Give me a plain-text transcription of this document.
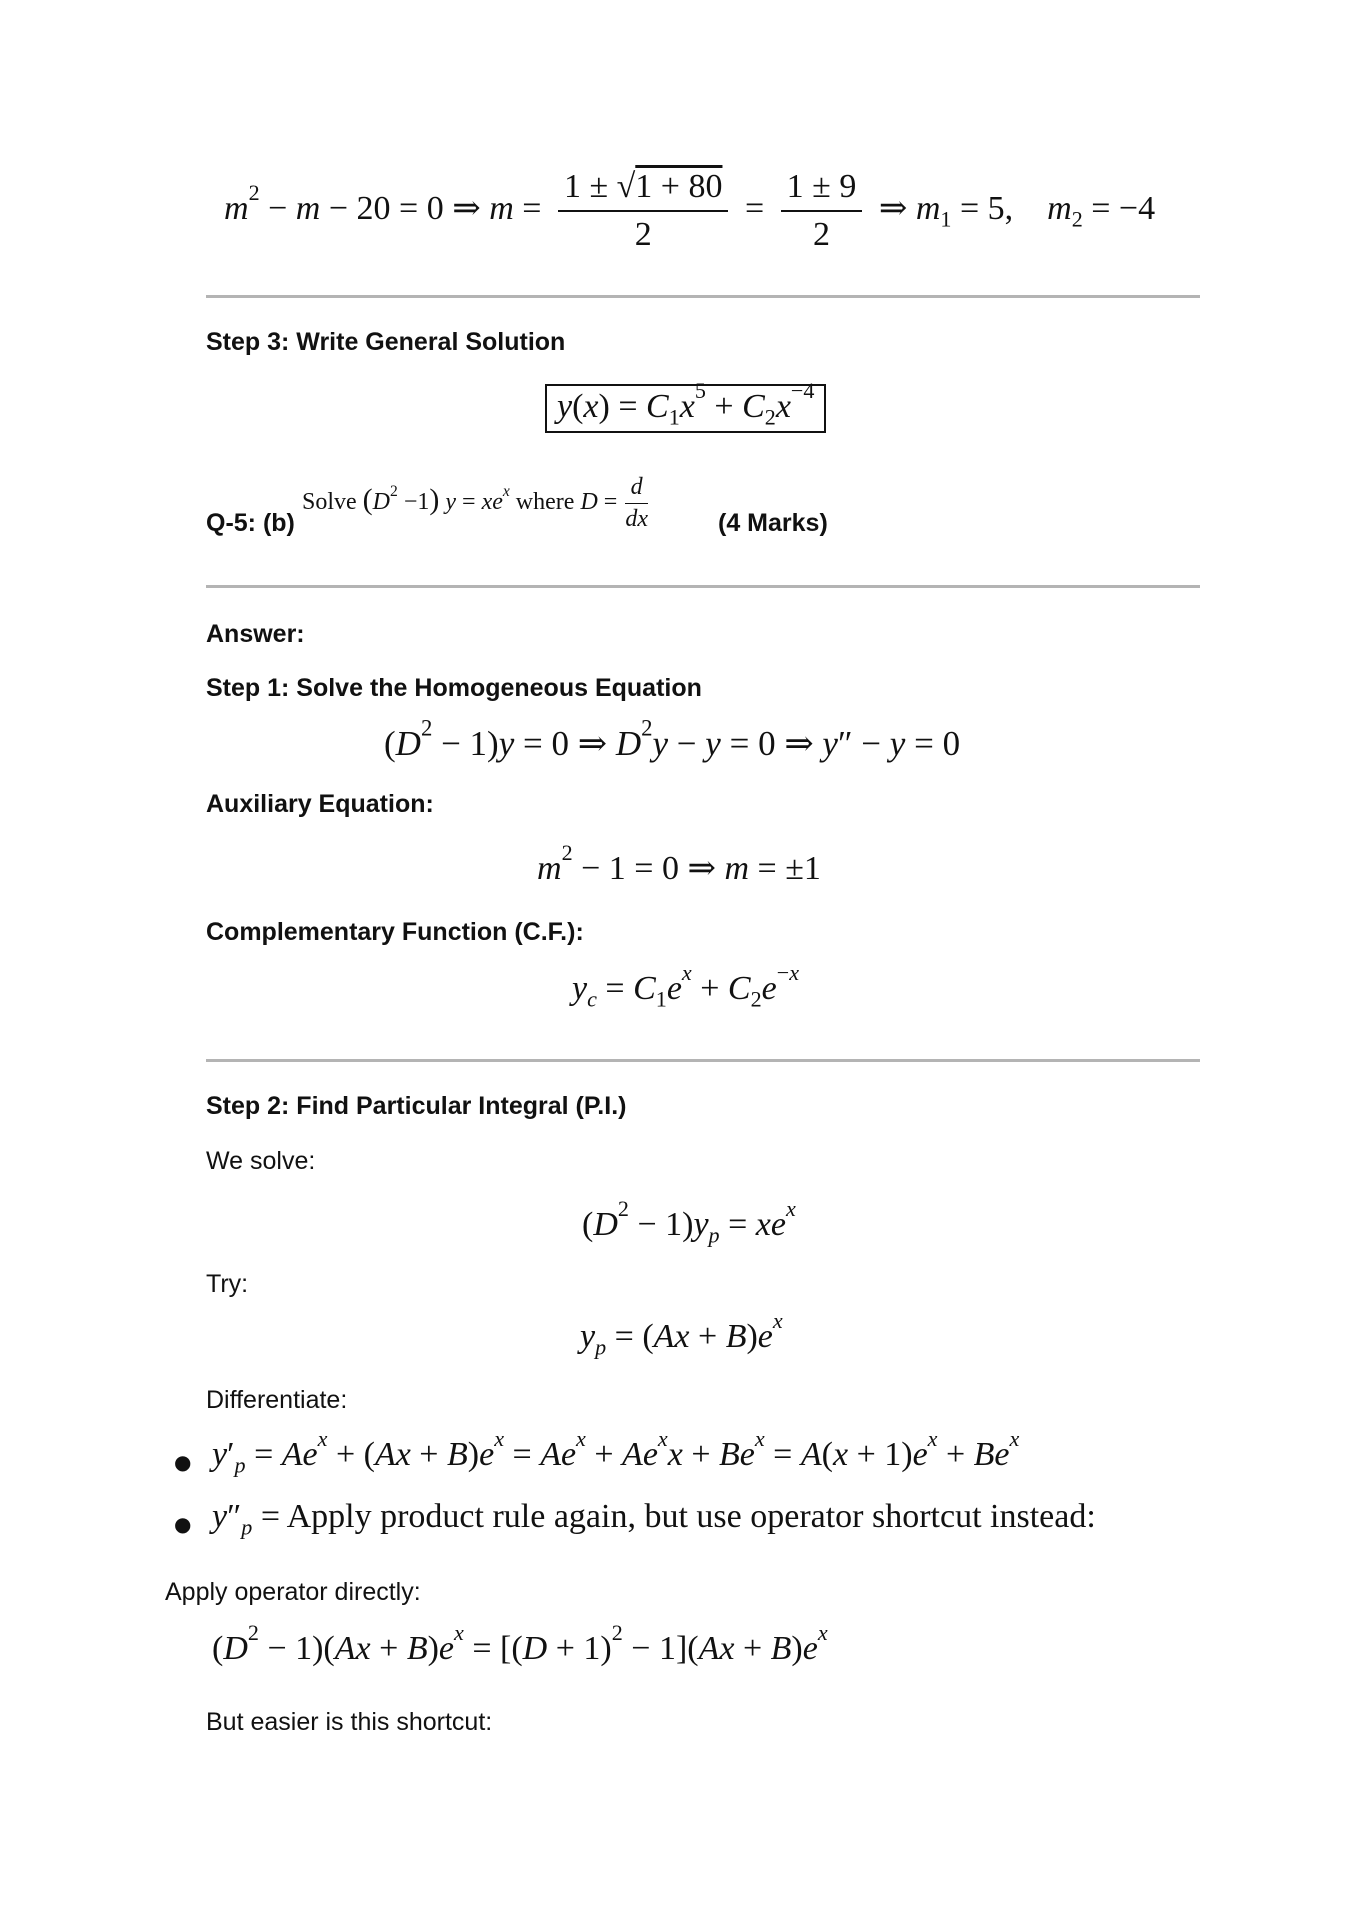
$m^2 - m - 20 = 0$ ⇒ $m = \frac{1 \pm √1 + 80}{2} = \frac{1 \pm 9}{2}$ ⇒ $m_1 = 5$,    $m_2 = -4$
Step 3: Write General Solution
$y(x) = C_1x^5 + C_2x^{-4}$
Q-5: (b)
Solve $(D^2 -1) y = xe^x$ where $D = \frac{d}{dx}$	(4 Marks)
Answer:
Step 1: Solve the Homogeneous Equation
$(D^2 - 1)y = 0$ ⇒ $D^2y - y = 0$ ⇒ y″ − y = 0
Auxiliary Equation:
$m^2 - 1 = 0$ ⇒ m = ±1
Complementary Function (C.F.):
$y_c = C_1e^x + C_2e^{-x}$
Step 2: Find Particular Integral (P.I.)
We solve:
$(D^2 - 1)y_p = xe^x$
Try:
$y_p = (Ax + B)e^x$
Differentiate:
● $y'_p = Ae^x + (Ax + B)e^x = Ae^x + Ae^xx + Be^x = A(x + 1)e^x + Be^x$
● $y''_p$ = Apply product rule again, but use operator shortcut instead:
Apply operator directly:
$(D^2 - 1)(Ax + B)e^x = [(D + 1)^2 - 1](Ax + B)e^x$
But easier is this shortcut:
